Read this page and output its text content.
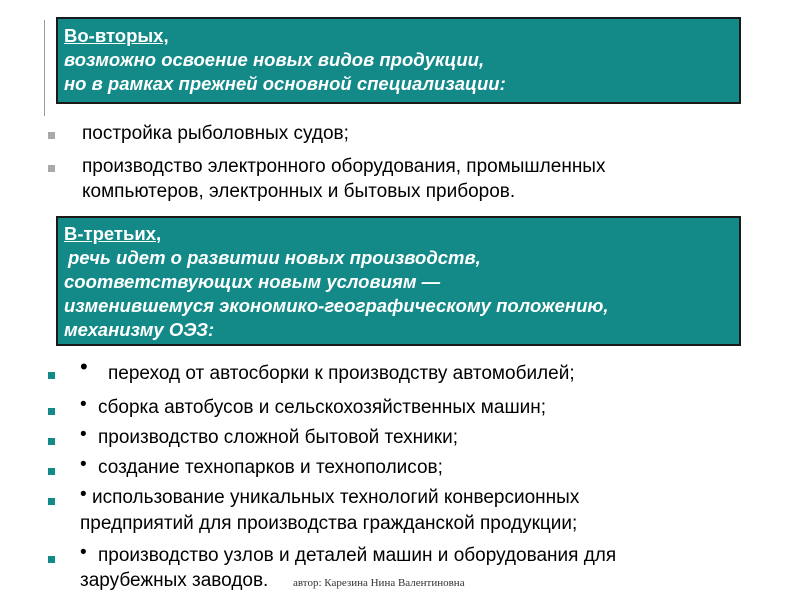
Во-вторых,
возможно освоение новых видов продукции,
но в рамках прежней основной специализации:
постройка рыболовных судов;
производство электронного оборудования, промышленных
компьютеров, электронных и бытовых приборов.
В-третьих,
речь идет о развитии новых производств,
соответствующих новым условиям —
изменившемуся экономико-географическому положению,
механизму ОЭЗ:
• переход от автосборки к производству автомобилей;
• сборка автобусов и сельскохозяйственных машин;
• производство сложной бытовой техники;
• создание технопарков и технополисов;
• использование уникальных технологий конверсионных
предприятий для производства гражданской продукции;
• производство узлов и деталей машин и оборудования для
зарубежных заводов. автор: Карезина Нина Валентиновна
